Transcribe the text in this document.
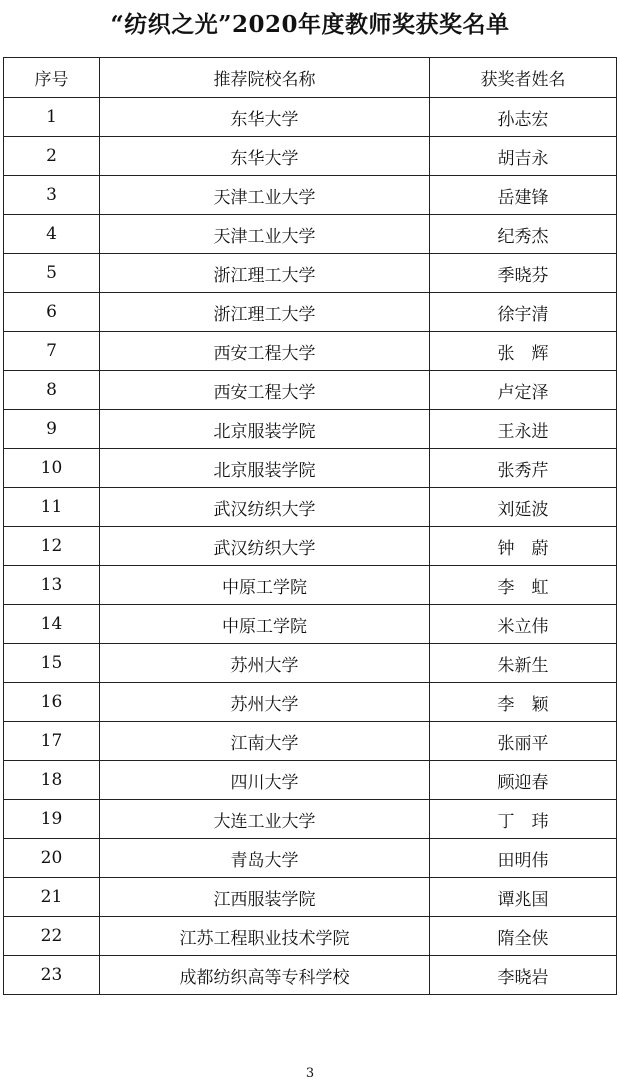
“纺织之光”2020年度教师奖获奖名单
序号	推荐院校名称	获奖者姓名
1	东华大学	孙志宏
2	东华大学	胡吉永
3	天津工业大学	岳建锋
4	天津工业大学	纪秀杰
5	浙江理工大学	季晓芬
6	浙江理工大学	徐宇清
7	西安工程大学	张　辉
8	西安工程大学	卢定泽
9	北京服装学院	王永进
10	北京服装学院	张秀芹
11	武汉纺织大学	刘延波
12	武汉纺织大学	钟　蔚
13	中原工学院	李　虹
14	中原工学院	米立伟
15	苏州大学	朱新生
16	苏州大学	李　颖
17	江南大学	张丽平
18	四川大学	顾迎春
19	大连工业大学	丁　玮
20	青岛大学	田明伟
21	江西服装学院	谭兆国
22	江苏工程职业技术学院	隋全侠
23	成都纺织高等专科学校	李晓岩
3
